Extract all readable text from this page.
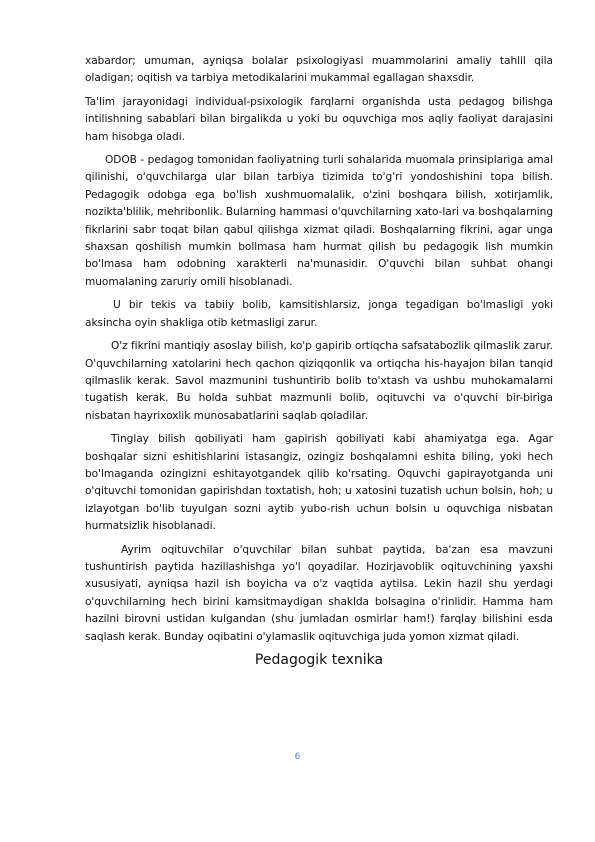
xabardor; umuman, ayniqsa bolalar psixologiyasi muammolarini amaliy tahlil qila oladigan; oqitish va tarbiya metodikalarini mukammal egallagan shaxsdir.

Ta'lim jarayonidagi individual-psixologik farqlarni organishda usta pedagog bilishga intilishning sabablari bilan birgalikda u yoki bu oquvchiga mos aqliy faoliyat darajasini ham hisobga oladi.

ODOB - pedagog tomonidan faoliyatning turli sohalarida muomala prinsiplariga amal qilinishi, o'quvchilarga ular bilan tarbiya tizimida to'g'ri yondoshishini topa bilish. Pedagogik odobga ega bo'lish xushmuomalalik, o'zini boshqara bilish, xotirjamlik, nozikta'blilik, mehribonlik. Bularning hammasi o'quvchilarning xato-lari va boshqalarning fikrlarini sabr toqat bilan qabul qilishga xizmat qiladi. Boshqalarning fikrini, agar unga shaxsan qoshilish mumkin bollmasa ham hurmat qilish bu pedagogik lish mumkin bo'lmasa ham odobning xarakterli na'munasidir. O'quvchi bilan suhbat ohangi muomalaning zaruriy omili hisoblanadi.

U bir tekis va tabiiy bolib, kamsitishlarsiz, jonga tegadigan bo'lmasligi yoki aksincha oyin shakliga otib ketmasligi zarur.

O'z fikrini mantiqiy asoslay bilish, ko'p gapirib ortiqcha safsatabozlik qilmaslik zarur. O'quvchilarning xatolarini hech qachon qiziqqonlik va ortiqcha his-hayajon bilan tanqid qilmaslik kerak. Savol mazmunini tushuntirib bolib to'xtash va ushbu muhokamalarni tugatish kerak. Bu holda suhbat mazmunli bolib, oqituvchi va o'quvchi bir-biriga nisbatan hayrixoxlik munosabatlarini saqlab qoladilar.

Tinglay bilish qobiliyati ham gapirish qobiliyati kabi ahamiyatga ega. Agar boshqalar sizni eshitishlarini istasangiz, ozingiz boshqalamni eshita biling, yoki hech bo'lmaganda ozingizni eshitayotgandek qilib ko'rsating. Oquvchi gapirayotganda uni o'qituvchi tomonidan gapirishdan toxtatish, hoh; u xatosini tuzatish uchun bolsin, hoh; u izlayotgan bo'lib tuyulgan sozni aytib yubo-rish uchun bolsin u oquvchiga nisbatan hurmatsizlik hisoblanadi.

Ayrim oqituvchilar o'quvchilar bilan suhbat paytida, ba'zan esa mavzuni tushuntirish paytida hazillashishga yo'l qoyadilar. Hozirjavoblik oqituvchining yaxshi xususiyati, ayniqsa hazil ish boyicha va o'z vaqtida aytilsa. Lekin hazil shu yerdagi o'quvchilarning hech birini kamsitmaydigan shaklda bolsagina o'rinlidir. Hamma ham hazilni birovni ustidan kulgandan (shu jumladan osmirlar ham!) farqlay bilishini esda saqlash kerak. Bunday oqibatini o'ylamaslik oqituvchiga juda yomon xizmat qiladi.

Pedagogik texnika
6
